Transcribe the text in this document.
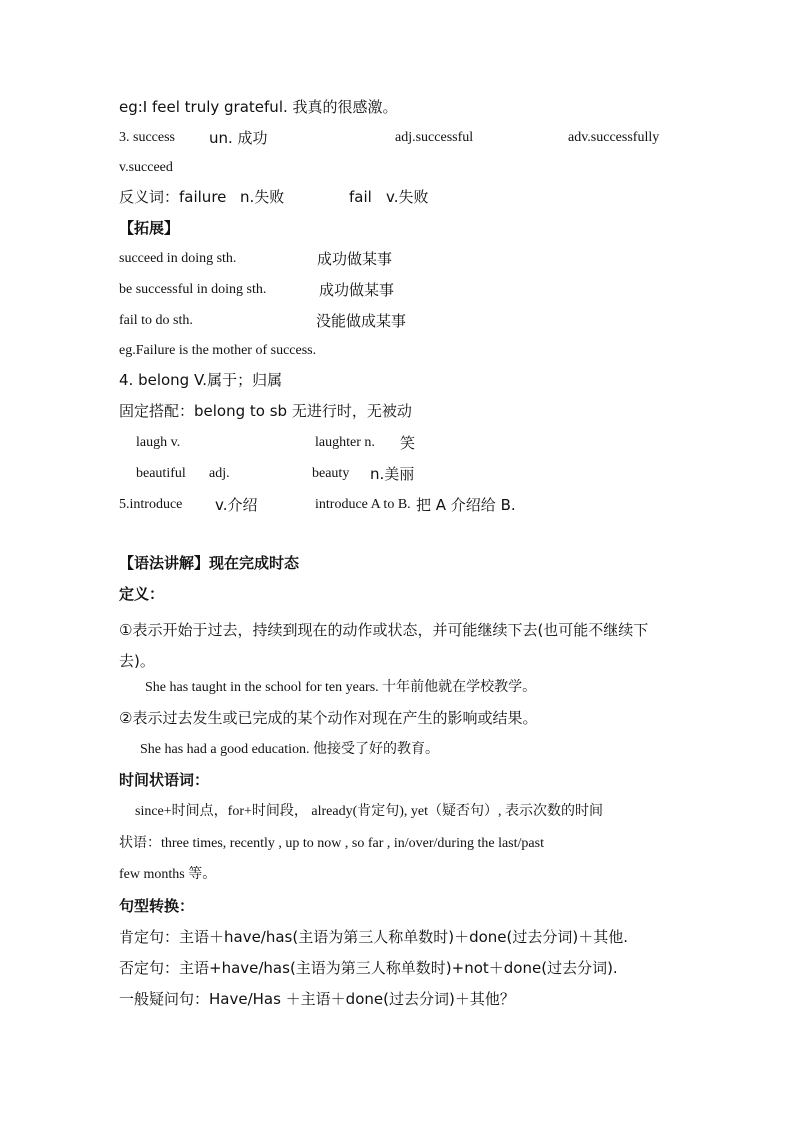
eg:I feel truly grateful. 我真的很感激。
3. success un. 成功	adj.successful	adv.successfully
v.succeed
反义词：failure n.失败	fail v.失败
【拓展】
succeed in doing sth.	成功做某事
be successful in doing sth.	成功做某事
fail to do sth.	没能做成某事
eg.Failure is the mother of success.
4. belong V.属于；归属
固定搭配：belong to sb 无进行时，无被动
laugh v.	laughter n. 笑
beautiful adj.	beauty n.美丽
5.introduce v.介绍	introduce A to B. 把 A 介绍给 B.
【语法讲解】现在完成时态
定义：
①表示开始于过去，持续到现在的动作或状态，并可能继续下去(也可能不继续下去)。
She has taught in the school for ten years. 十年前他就在学校教学。
②表示过去发生或已完成的某个动作对现在产生的影响或结果。
She has had a good education. 他接受了好的教育。
时间状语词：
since+时间点，for+时间段， already(肯定句), yet（疑否句）, 表示次数的时间
状语：three times, recently , up to now , so far , in/over/during the last/past
few months 等。
句型转换：
肯定句：主语＋have/has(主语为第三人称单数时)＋done(过去分词)＋其他.
否定句：主语+have/has(主语为第三人称单数时)+not＋done(过去分词).
一般疑问句：Have/Has ＋主语＋done(过去分词)＋其他？
